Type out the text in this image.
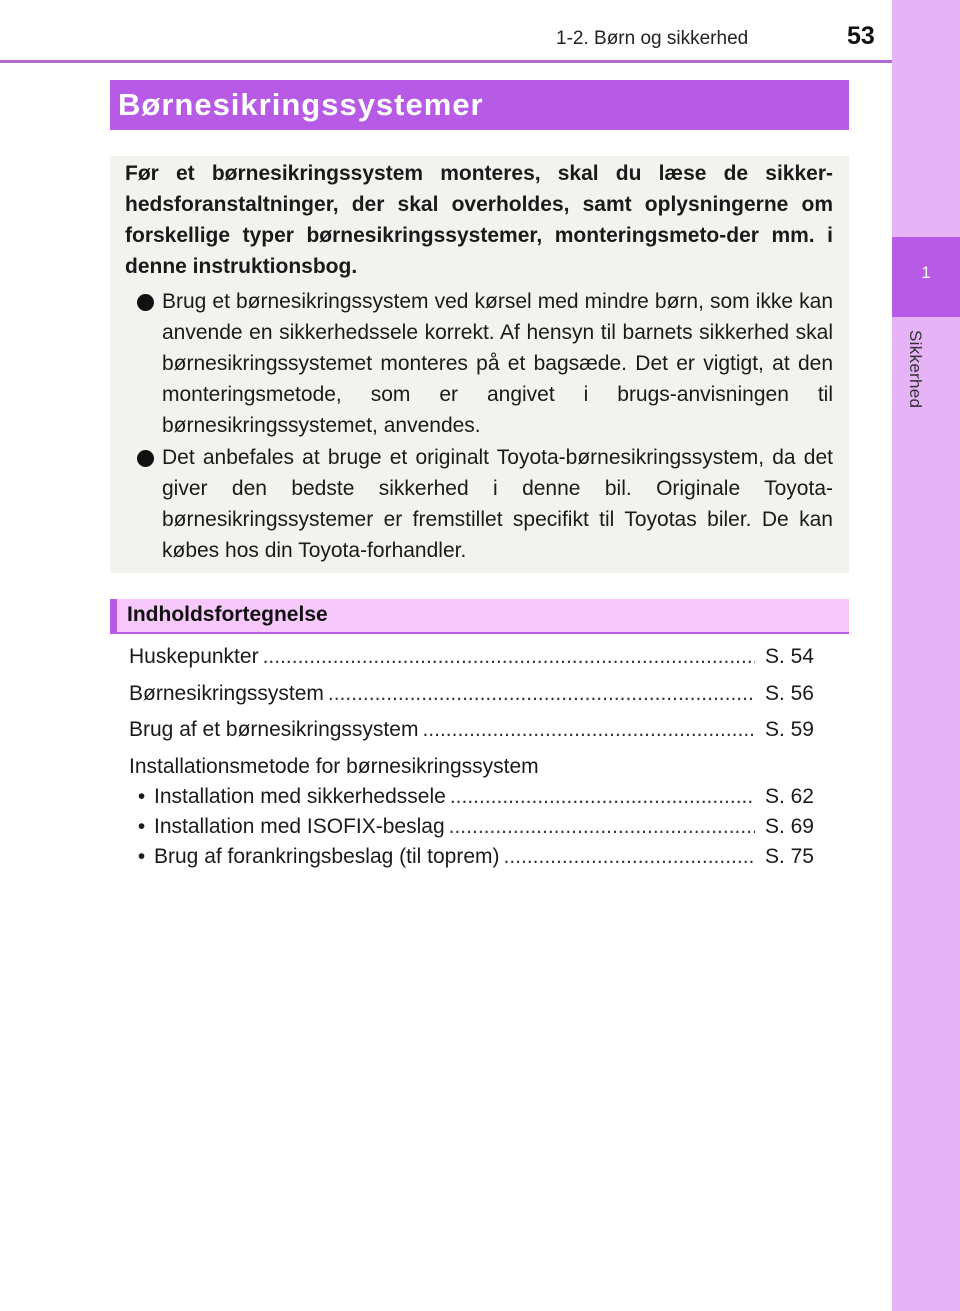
1-2. Børn og sikkerhed	53
1
Sikkerhed
Børnesikringssystemer
Før et børnesikringssystem monteres, skal du læse de sikker-hedsforanstaltninger, der skal overholdes, samt oplysningerne om forskellige typer børnesikringssystemer, monteringsmeto-der mm. i denne instruktionsbog.
Brug et børnesikringssystem ved kørsel med mindre børn, som ikke kan anvende en sikkerhedssele korrekt. Af hensyn til barnets sikkerhed skal børnesikringssystemet monteres på et bagsæde. Det er vigtigt, at den monteringsmetode, som er angivet i brugs-anvisningen til børnesikringssystemet, anvendes.
Det anbefales at bruge et originalt Toyota-børnesikringssystem, da det giver den bedste sikkerhed i denne bil. Originale Toyota-børnesikringssystemer er fremstillet specifikt til Toyotas biler. De kan købes hos din Toyota-forhandler.
Indholdsfortegnelse
Huskepunkter .....	S. 54
Børnesikringssystem .....	S. 56
Brug af et børnesikringssystem .....	S. 59
Installationsmetode for børnesikringssystem
• Installation med sikkerhedssele .....	S. 62
• Installation med ISOFIX-beslag .....	S. 69
• Brug af forankringsbeslag (til toprem) .....	S. 75
